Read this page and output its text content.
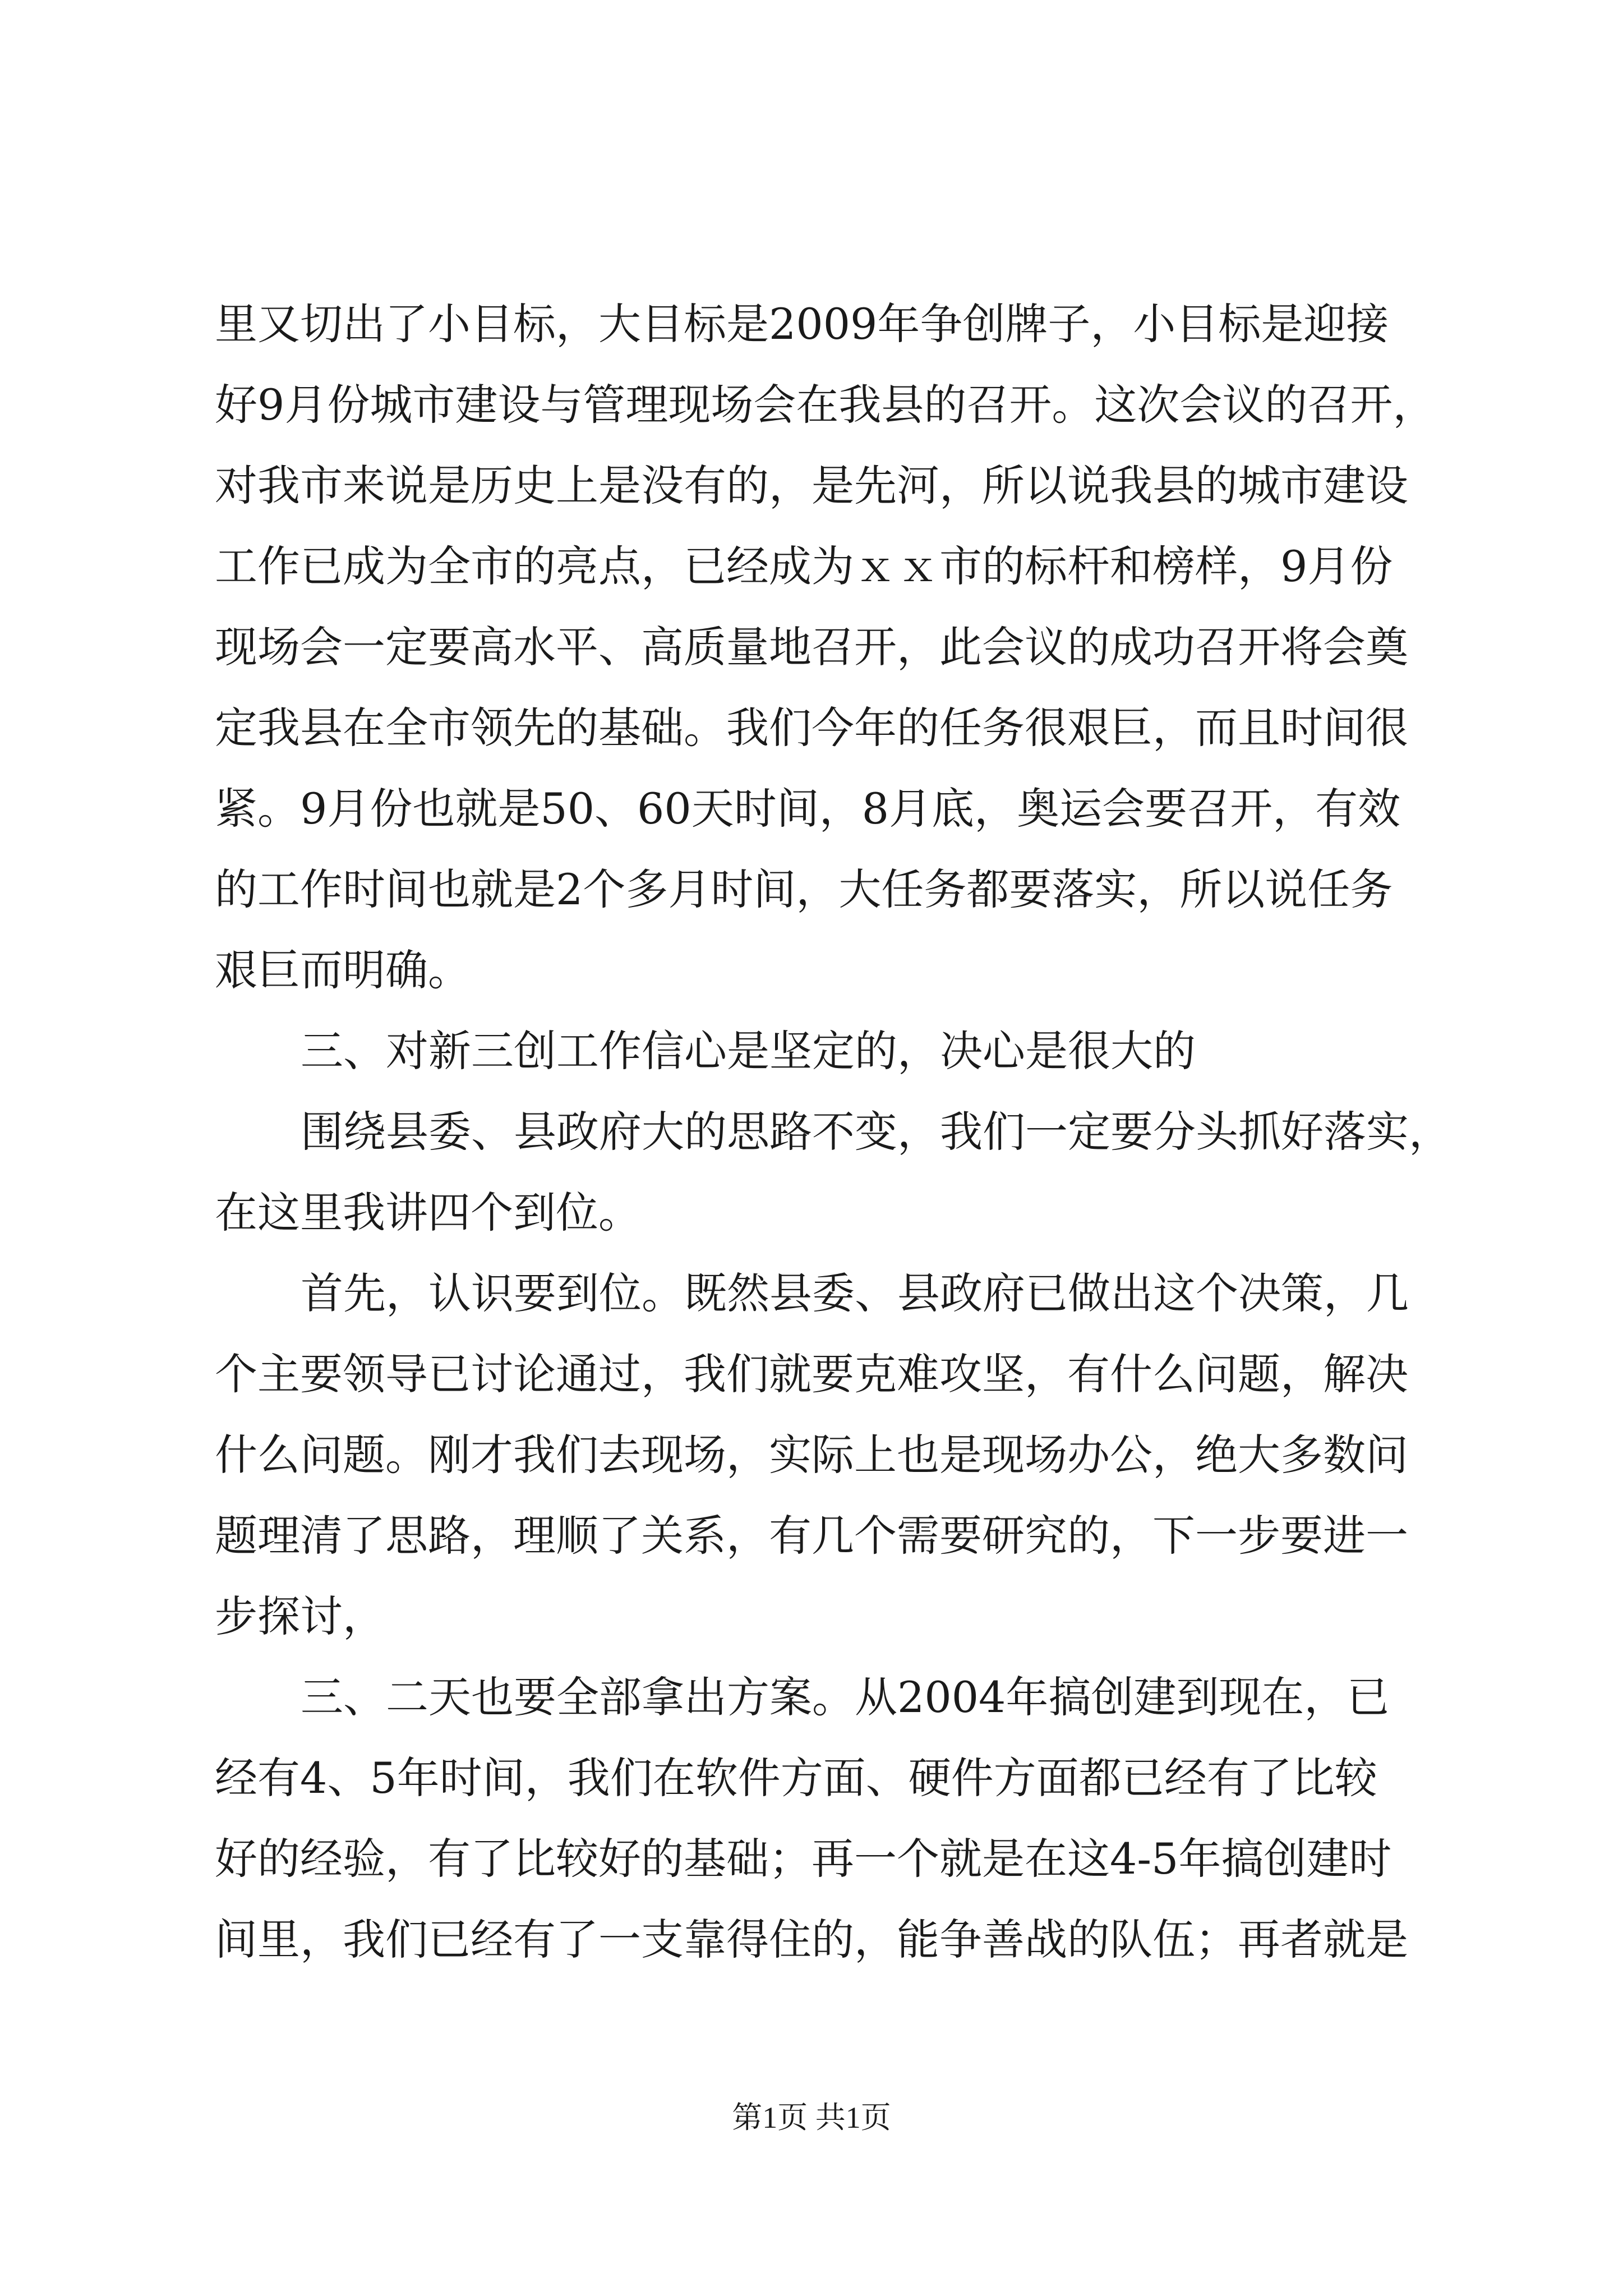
里又切出了小目标，大目标是2009年争创牌子，小目标是迎接
好9月份城市建设与管理现场会在我县的召开。这次会议的召开，
对我市来说是历史上是没有的，是先河，所以说我县的城市建设
工作已成为全市的亮点，已经成为ｘｘ市的标杆和榜样，9月份
现场会一定要高水平、高质量地召开，此会议的成功召开将会奠
定我县在全市领先的基础。我们今年的任务很艰巨，而且时间很
紧。9月份也就是50、60天时间，8月底，奥运会要召开，有效
的工作时间也就是2个多月时间，大任务都要落实，所以说任务
艰巨而明确。
三、对新三创工作信心是坚定的，决心是很大的
围绕县委、县政府大的思路不变，我们一定要分头抓好落实，
在这里我讲四个到位。
首先，认识要到位。既然县委、县政府已做出这个决策，几
个主要领导已讨论通过，我们就要克难攻坚，有什么问题，解决
什么问题。刚才我们去现场，实际上也是现场办公，绝大多数问
题理清了思路，理顺了关系，有几个需要研究的，下一步要进一
步探讨，
三、二天也要全部拿出方案。从2004年搞创建到现在，已
经有4、5年时间，我们在软件方面、硬件方面都已经有了比较
好的经验，有了比较好的基础；再一个就是在这4-5年搞创建时
间里，我们已经有了一支靠得住的，能争善战的队伍；再者就是
第1页 共1页
